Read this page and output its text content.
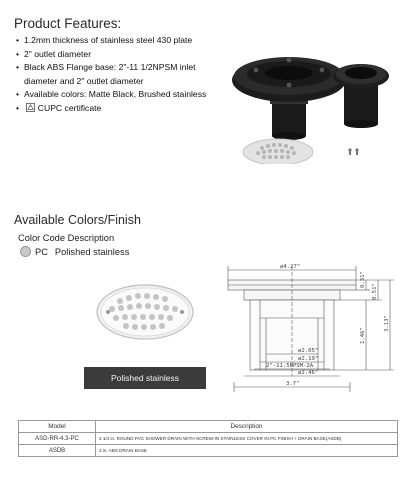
Product Features:
• 1.2mm thickness of stainless steel 430 plate
• 2" outlet diameter
• Black ABS Flange base: 2"-11 1/2NPSM inlet
diameter and 2" outlet diameter
• Available colors: Matte Black, Brushed stainless
• CUPC certificate
Available Colors/Finish
Color Code Description
PC Polished stainless
Polished stainless
ø4.27"
ø2.05"
ø2.19"
2"-11.5NPSM-2A
ø2.46"
3.7"
0.31"
0.51"
3.13"
1.46"
Model	Description
ASD-RR-4.3-PC	4 1/4 in. ROUND PVC SHOWER DRAIN WITH SCREW-IN STAINLESS COVER IN PC FINISH + DRAIN BASE(ASDB)
ASDB	2 in. ABS DRAIN BASE
